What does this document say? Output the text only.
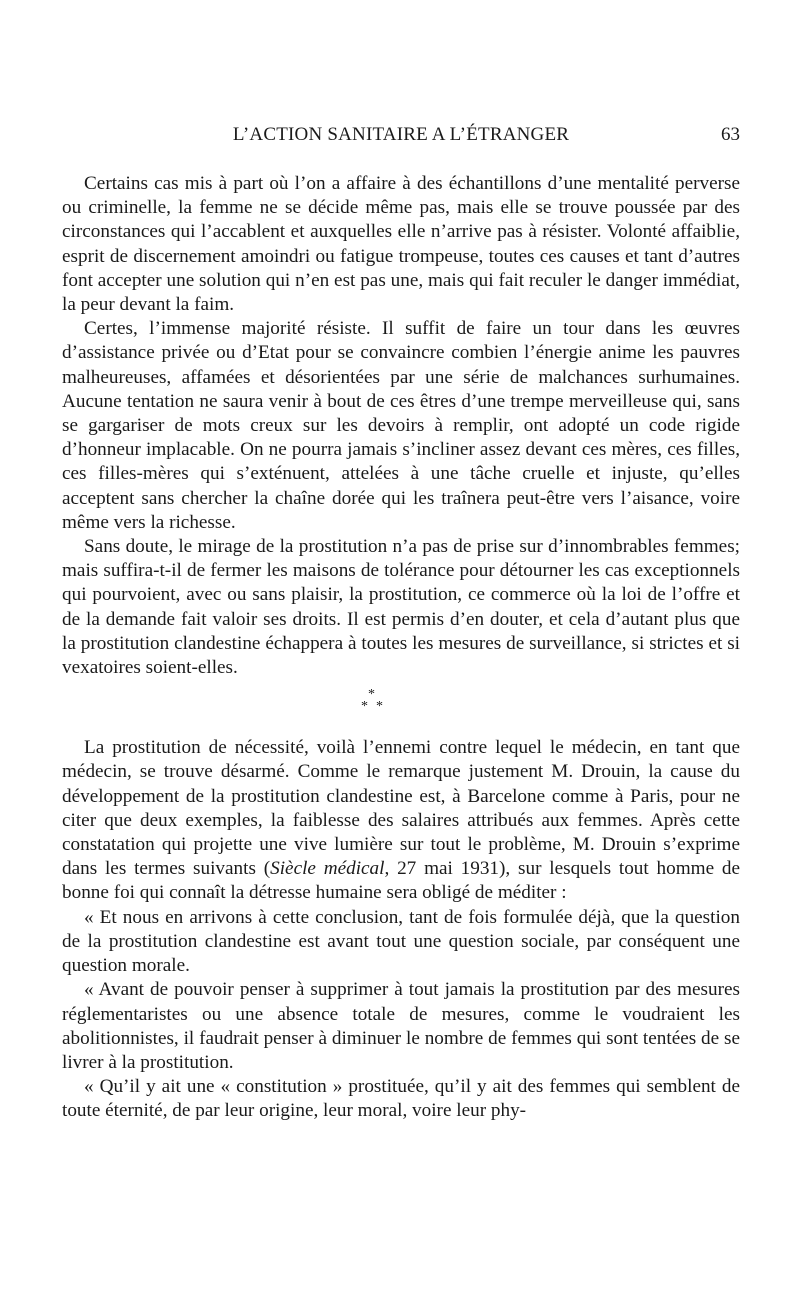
L’ACTION SANITAIRE A L’ÉTRANGER	63

Certains cas mis à part où l’on a affaire à des échantillons d’une mentalité perverse ou criminelle, la femme ne se décide même pas, mais elle se trouve poussée par des circonstances qui l’accablent et auxquelles elle n’arrive pas à résister. Volonté affaiblie, esprit de discernement amoindri ou fatigue trompeuse, toutes ces causes et tant d’autres font accepter une solution qui n’en est pas une, mais qui fait reculer le danger immédiat, la peur devant la faim.

Certes, l’immense majorité résiste. Il suffit de faire un tour dans les œuvres d’assistance privée ou d’Etat pour se convaincre combien l’énergie anime les pauvres malheureuses, affamées et désorientées par une série de malchances surhumaines. Aucune tentation ne saura venir à bout de ces êtres d’une trempe merveilleuse qui, sans se gargariser de mots creux sur les devoirs à remplir, ont adopté un code rigide d’honneur implacable. On ne pourra jamais s’incliner assez devant ces mères, ces filles, ces filles-mères qui s’exténuent, attelées à une tâche cruelle et injuste, qu’elles acceptent sans chercher la chaîne dorée qui les traînera peut-être vers l’aisance, voire même vers la richesse.

Sans doute, le mirage de la prostitution n’a pas de prise sur d’innombrables femmes; mais suffira-t-il de fermer les maisons de tolérance pour détourner les cas exceptionnels qui pourvoient, avec ou sans plaisir, la prostitution, ce commerce où la loi de l’offre et de la demande fait valoir ses droits. Il est permis d’en douter, et cela d’autant plus que la prostitution clandestine échappera à toutes les mesures de surveillance, si strictes et si vexatoires soient-elles.

*
* *

La prostitution de nécessité, voilà l’ennemi contre lequel le médecin, en tant que médecin, se trouve désarmé. Comme le remarque justement M. Drouin, la cause du développement de la prostitution clandestine est, à Barcelone comme à Paris, pour ne citer que deux exemples, la faiblesse des salaires attribués aux femmes. Après cette constatation qui projette une vive lumière sur tout le problème, M. Drouin s’exprime dans les termes suivants (Siècle médical, 27 mai 1931), sur lesquels tout homme de bonne foi qui connaît la détresse humaine sera obligé de méditer :

« Et nous en arrivons à cette conclusion, tant de fois formulée déjà, que la question de la prostitution clandestine est avant tout une question sociale, par conséquent une question morale.

« Avant de pouvoir penser à supprimer à tout jamais la prostitution par des mesures réglementaristes ou une absence totale de mesures, comme le voudraient les abolitionnistes, il faudrait penser à diminuer le nombre de femmes qui sont tentées de se livrer à la prostitution.

« Qu’il y ait une « constitution » prostituée, qu’il y ait des femmes qui semblent de toute éternité, de par leur origine, leur moral, voire leur phy-
